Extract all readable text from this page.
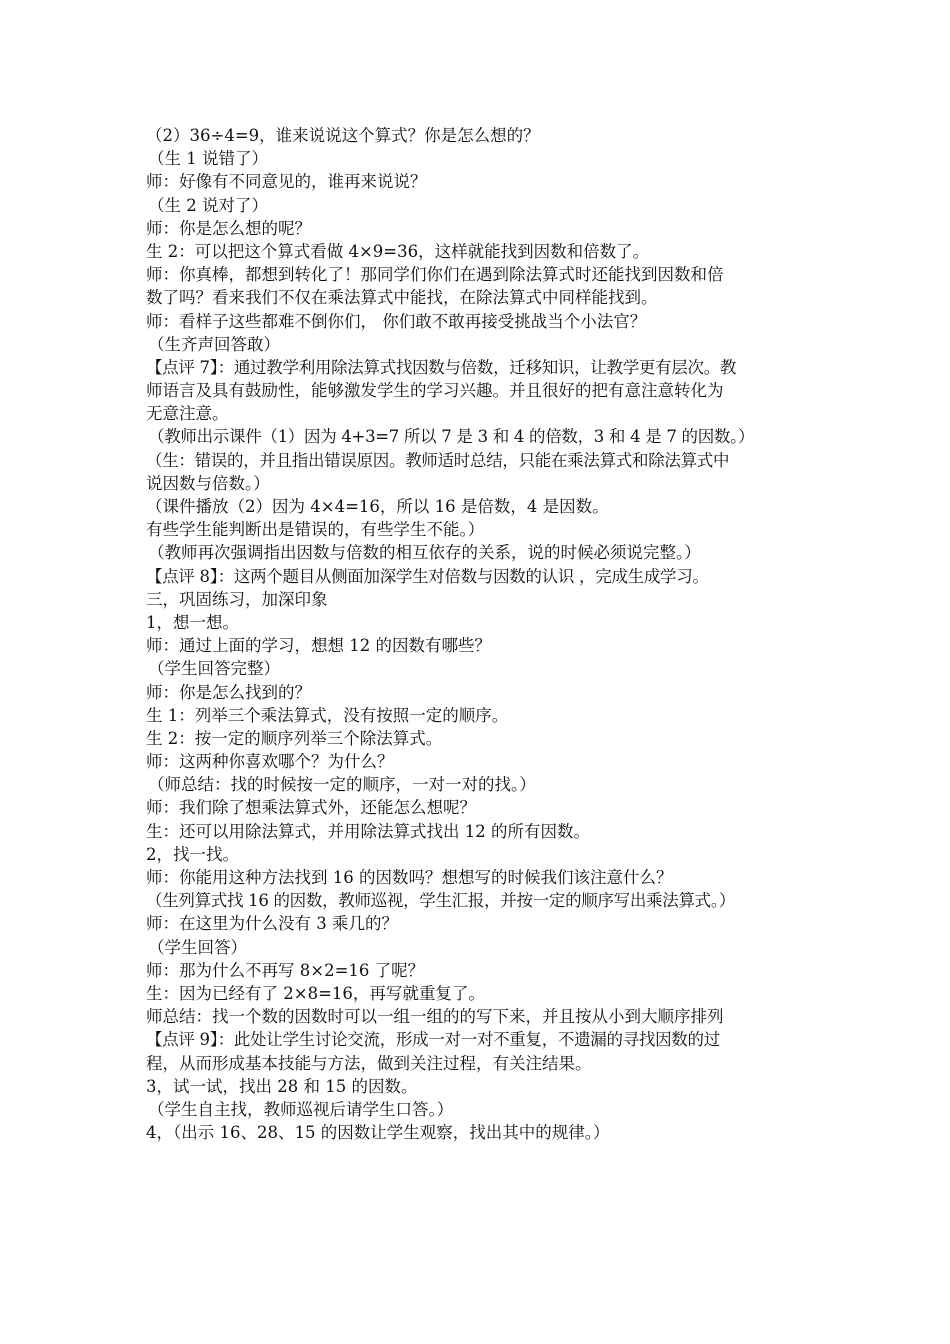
（2）36÷4=9，谁来说说这个算式？你是怎么想的？
（生 1 说错了）
师：好像有不同意见的，谁再来说说？
（生 2 说对了）
师：你是怎么想的呢？
生 2：可以把这个算式看做 4×9=36，这样就能找到因数和倍数了。
师：你真棒，都想到转化了！那同学们你们在遇到除法算式时还能找到因数和倍
数了吗？看来我们不仅在乘法算式中能找，在除法算式中同样能找到。
师：看样子这些都难不倒你们， 你们敢不敢再接受挑战当个小法官？
（生齐声回答敢）
【点评 7】：通过教学利用除法算式找因数与倍数，迁移知识，让教学更有层次。教
师语言及具有鼓励性，能够激发学生的学习兴趣。并且很好的把有意注意转化为
无意注意。
（教师出示课件（1）因为 4+3=7 所以 7 是 3 和 4 的倍数，3 和 4 是 7 的因数。）
（生：错误的，并且指出错误原因。教师适时总结，只能在乘法算式和除法算式中
说因数与倍数。）
（课件播放（2）因为 4×4=16，所以 16 是倍数，4 是因数。
有些学生能判断出是错误的，有些学生不能。）
（教师再次强调指出因数与倍数的相互依存的关系，说的时候必须说完整。）
【点评 8】：这两个题目从侧面加深学生对倍数与因数的认识 ，完成生成学习。
三，巩固练习，加深印象
1，想一想。
师：通过上面的学习，想想 12 的因数有哪些？
（学生回答完整）
师：你是怎么找到的？
生 1：列举三个乘法算式，没有按照一定的顺序。
生 2：按一定的顺序列举三个除法算式。
师：这两种你喜欢哪个？为什么？
（师总结：找的时候按一定的顺序，一对一对的找。）
师：我们除了想乘法算式外，还能怎么想呢？
生：还可以用除法算式，并用除法算式找出 12 的所有因数。
2，找一找。
师：你能用这种方法找到 16 的因数吗？想想写的时候我们该注意什么？
（生列算式找 16 的因数，教师巡视，学生汇报，并按一定的顺序写出乘法算式。）
师：在这里为什么没有 3 乘几的？
（学生回答）
师：那为什么不再写 8×2=16 了呢？
生：因为已经有了 2×8=16，再写就重复了。
师总结：找一个数的因数时可以一组一组的的写下来，并且按从小到大顺序排列
【点评 9】：此处让学生讨论交流，形成一对一对不重复，不遗漏的寻找因数的过
程，从而形成基本技能与方法，做到关注过程，有关注结果。
3，试一试，找出 28 和 15 的因数。
（学生自主找，教师巡视后请学生口答。）
4，（出示 16、28、15 的因数让学生观察，找出其中的规律。）
